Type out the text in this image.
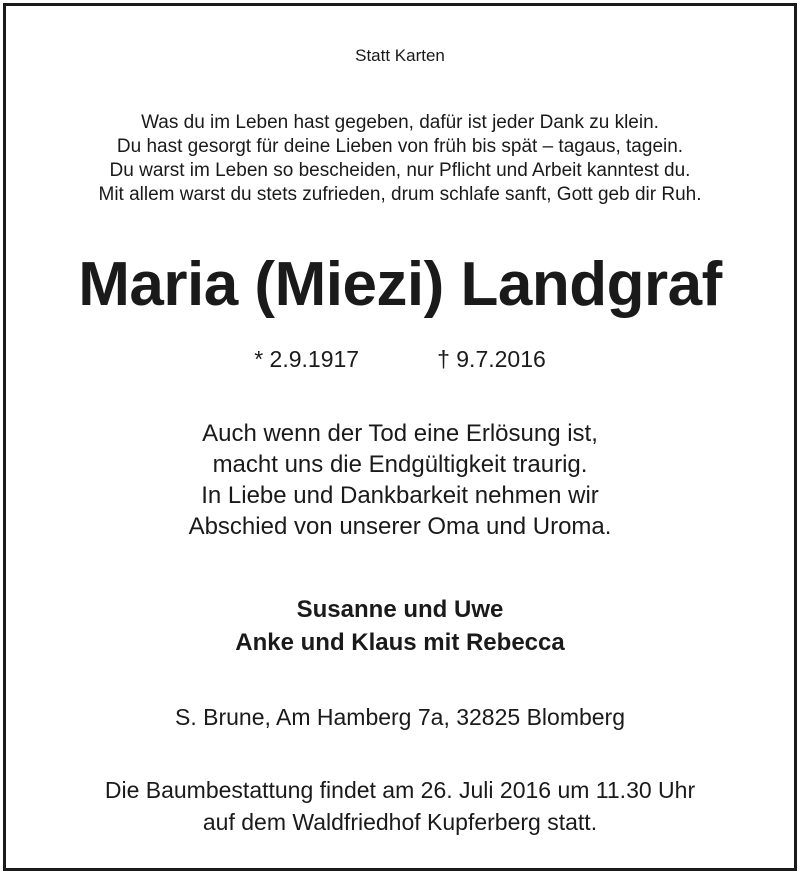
Statt Karten
Was du im Leben hast gegeben, dafür ist jeder Dank zu klein.
Du hast gesorgt für deine Lieben von früh bis spät – tagaus, tagein.
Du warst im Leben so bescheiden, nur Pflicht und Arbeit kanntest du.
Mit allem warst du stets zufrieden, drum schlafe sanft, Gott geb dir Ruh.
Maria (Miezi) Landgraf
* 2.9.1917	† 9.7.2016
Auch wenn der Tod eine Erlösung ist,
macht uns die Endgültigkeit traurig.
In Liebe und Dankbarkeit nehmen wir
Abschied von unserer Oma und Uroma.
Susanne und Uwe
Anke und Klaus mit Rebecca
S. Brune, Am Hamberg 7a, 32825 Blomberg
Die Baumbestattung findet am 26. Juli 2016 um 11.30 Uhr
auf dem Waldfriedhof Kupferberg statt.
